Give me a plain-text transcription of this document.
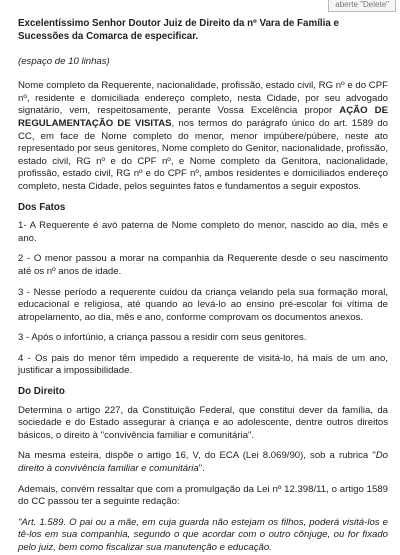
aberte "Delete"
Excelentíssimo Senhor Doutor Juiz de Direito da nº Vara de Família e Sucessões da Comarca de especificar.

(espaço de 10 linhas)

Nome completo da Requerente, nacionalidade, profissão, estado civil, RG nº e do CPF nº, residente e domiciliada endereço completo, nesta Cidade, por seu advogado signatário, vem, respeitosamente, perante Vossa Excelência propor AÇÃO DE REGULAMENTAÇÃO DE VISITAS, nos termos do parágrafo único do art. 1589 do CC, em face de Nome completo do menor, menor impúbere/púbere, neste ato representado por seus genitores, Nome completo do Genitor, nacionalidade, profissão, estado civil, RG nº e do CPF nº, e Nome completo da Genitora, nacionalidade, profissão, estado civil, RG nº e do CPF nº, ambos residentes e domiciliados endereço completo, nesta Cidade, pelos seguintes fatos e fundamentos a seguir expostos.

Dos Fatos

1- A Requerente é avó paterna de Nome completo do menor, nascido ao dia, mês e ano.

2 - O menor passou a morar na companhia da Requerente desde o seu nascimento até os nº anos de idade.

3 - Nesse período a requerente cuidou da criança velando pela sua formação moral, educacional e religiosa, até quando ao levá-lo ao ensino pré-escolar foi vítima de atropelamento, ao dia, mês e ano, conforme comprovam os documentos anexos.

3 - Após o infortúnio, a criança passou a residir com seus genitores.

4 - Os pais do menor têm impedido a requerente de visitá-lo, há mais de um ano, justificar a impossibilidade.

Do Direito

Determina o artigo 227, da Constituição Federal, que constitui dever da família, da sociedade e do Estado assegurar à criança e ao adolescente, dentre outros direitos básicos, o direito à "convivência familiar e comunitária".

Na mesma esteira, dispõe o artigo 16, V, do ECA (Lei 8.069/90), sob a rubrica "Do direito à convivência familiar e comunitária".

Ademais, convém ressaltar que com a promulgação da Lei nº 12.398/11, o artigo 1589 do CC passou ter a seguinte redação:

"Art. 1.589. O pai ou a mãe, em cuja guarda não estejam os filhos, poderá visitá-los e tê-los em sua companhia, segundo o que acordar com o outro cônjuge, ou for fixado pelo juiz, bem como fiscalizar sua manutenção e educação.
